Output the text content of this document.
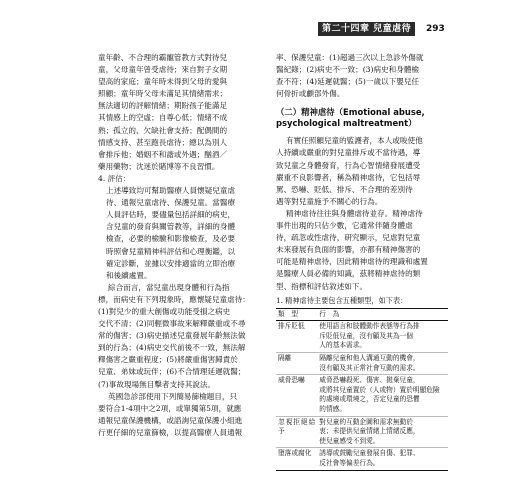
第二十四章 兒童虐待 293
童年齡、不合理的霸寵管教方式對待兒
童，父母童年曾受虐待；來自對子女期
望高的家庭；童年時未得到父母的愛與
照顧；童年時父母未滿足其情緒需求；
無法適切的評解情緒；期盼孩子能滿足
其情感上的空虛；自尊心低；情緒不成
熟；孤立的、欠缺社會支持；配偶間的
情感支持、甚至跑長虐待；總以為別人
會排斥他；婚姻不和諧或外遇；酗酒／
藥用藥物；沈迷於賭博等不良習慣。
4. 評估：
上述導致均可幫助醫療人員懷疑兒童虐
待、通報兒童虐待、保護兒童。當醫療
人員評估時，要儘量包括詳細的病史，
含兒童的發育與關管教等，詳細的身體
檢查，必要的檢驗和影像檢查，及必要
時照會兒童精神科評估和心理衡鑑，以
確定診斷，並據以安排適當的立即治療
和後續處置。
綜合而言，當兒童出現身體和行為指
標，而病史有下列現象時，應懷疑兒童虐待：
(1)對兒少的重大創傷或功能受損之病史
交代不清；(2)同輕微事故來解釋嚴重或不尋
常的傷害；(3)病史描述兒童發展年齡無法做
到的行為；(4)病史交代前後不一致，無法解
釋傷害之嚴重程度；(5)將嚴重傷害歸責於
兒童、弟妹或玩伴；(6)不合情理延遲就醫；
(7)事故現場無目擊者支持其說法。
英國急診部使用下列簡易篩檢題目，只
要符合1-4項中之2項，或單獨第5項，就應
通報兒童保護機構，或諮詢兒童保護小組進
行更仔細的兒童篩檢，以提高醫療人員通報
率、保護兒童：(1)超過三次以上急診外傷就
醫紀錄；(2)病史不一致；(3)病史和身體檢
查不符；(4)延遲就醫；(5)一歲以下嬰兒任
何骨折或顱部外傷。
（二）精神虐待（Emotional abuse, psychological maltreatment）
有實任照顧兒童的監護者，本人或唆使他
人持續或嚴重的對兒童排斥或不當待遇，導
致兒童之身體發育，行為心智情緒發展遭受
嚴重不良影響者，稱為精神虐待，它包括辱
罵、恐嚇、貶低、排斥、不合理的差別待
遇等對兒童施予不關心的行為。
精神虐待往往與身體虐待並存。精神虐待
事件出現的只佔少數，它通常伴隨身體虐
待，疏忽或性虐待，研究顯示，兒虐對兒童
未來發展有負面的影響，亦都有精神傷害的
可能是精神虐待，因此精神虐待的理識和處置
是醫療人員必備的知識，茲將精神虐待的類
型、指標和評估敘述如下。
1. 精神虐待主要包含五種類型，如下表：
類　型	行　為
排斥貶低	使用語言和肢體動作表態等行為排
斥貶低兒童，沒有顧及其為一個
人的基本需求。

隔離	隔離兒童和他人溝通互動的機會，
沒有顧及其正常社會互動的需求。

威脅恐嚇	威脅恐嚇殺死、傷害、拋棄兒童，
或將其兒童置於（人或物）置於明顯危險
的處境或環境之，否定兒童的恐懼
的情感。

忽視拒絕給予	對兒童的互動企圖和需求無動於
衷；未提供兒童情緒上情緒反應，
使兒童感受不到愛。

墮落或腐化	誘導或鼓勵兒童發展自傷、犯罪、
反社會等偏差行為。
